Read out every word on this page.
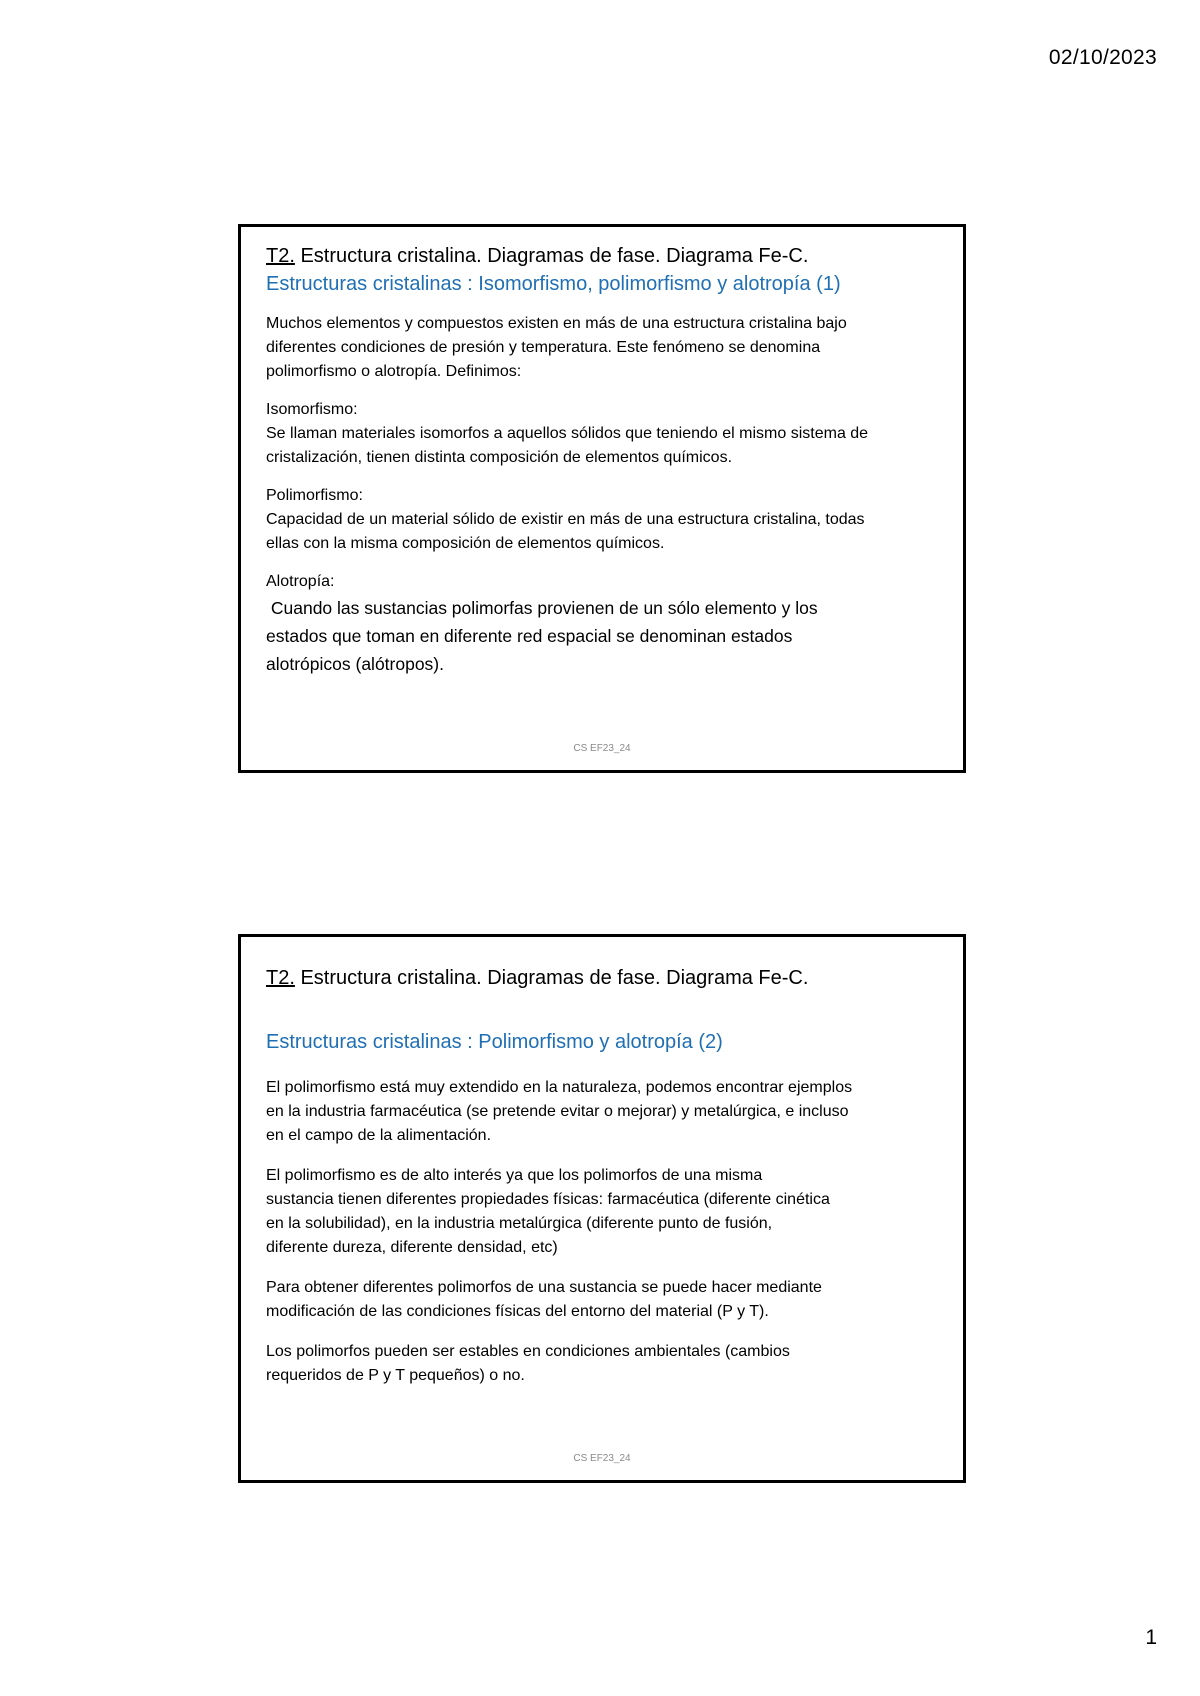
02/10/2023
T2. Estructura cristalina. Diagramas de fase. Diagrama Fe-C.
Estructuras cristalinas : Isomorfismo, polimorfismo y alotropía (1)
Muchos elementos y compuestos existen en más de una estructura cristalina bajo
diferentes condiciones de presión y temperatura. Este fenómeno se denomina
polimorfismo o alotropía. Definimos:
Isomorfismo:
Se llaman materiales isomorfos a aquellos sólidos que teniendo el mismo sistema de
cristalización, tienen distinta composición de elementos químicos.
Polimorfismo:
Capacidad de un material sólido de existir en más de una estructura cristalina, todas
ellas con la misma composición de elementos químicos.
Alotropía:
Cuando las sustancias polimorfas provienen de un sólo elemento y los
estados que toman en diferente red espacial se denominan estados
alotrópicos (alótropos).
CS EF23_24
T2. Estructura cristalina. Diagramas de fase. Diagrama Fe-C.
Estructuras cristalinas : Polimorfismo y alotropía (2)
El polimorfismo está muy extendido en la naturaleza, podemos encontrar ejemplos
en la industria farmacéutica (se pretende evitar o mejorar) y metalúrgica, e incluso
en el campo de la alimentación.
El polimorfismo es de alto interés ya que los polimorfos de una misma
sustancia tienen diferentes propiedades físicas: farmacéutica (diferente cinética
en la solubilidad), en la industria metalúrgica (diferente punto de fusión,
diferente dureza, diferente densidad, etc)
Para obtener diferentes polimorfos de una sustancia se puede hacer mediante
modificación de las condiciones físicas del entorno del material (P y T).
Los polimorfos pueden ser estables en condiciones ambientales (cambios
requeridos de P y T pequeños) o no.
CS EF23_24
1
